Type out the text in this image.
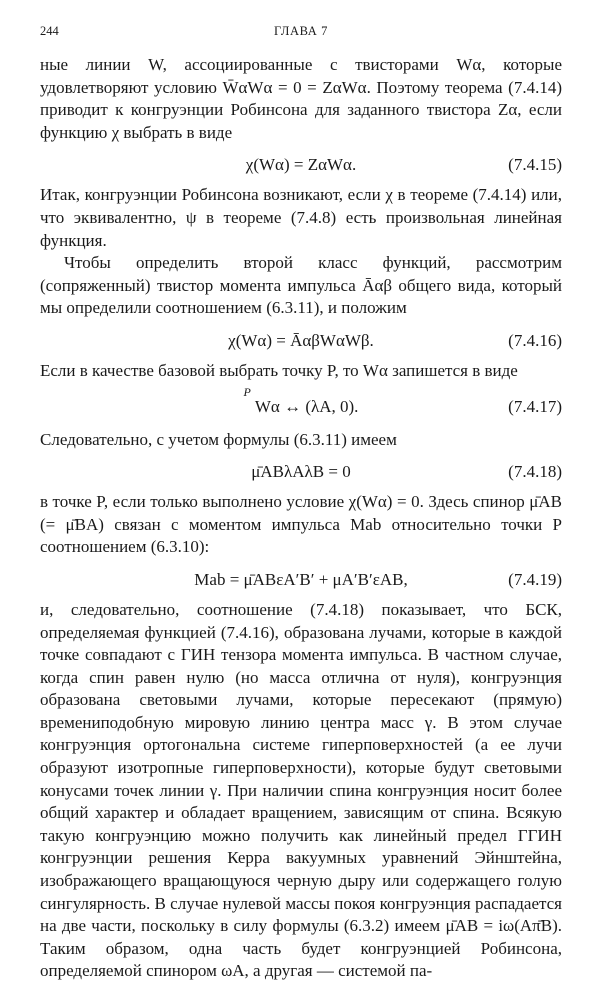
244	ГЛАВА 7

ные линии W, ассоциированные с твисторами Wα, которые удовлетворяют условию W̄αWα = 0 = ZαWα. Поэтому теорема (7.4.14) приводит к конгруэнции Робинсона для заданного твистора Zα, если функцию χ выбрать в виде

χ(Wα) = ZαWα.	(7.4.15)

Итак, конгруэнции Робинсона возникают, если χ в теореме (7.4.14) или, что эквивалентно, ψ в теореме (7.4.8) есть произвольная линейная функция.

Чтобы определить второй класс функций, рассмотрим (сопряженный) твистор момента импульса Āαβ общего вида, который мы определили соотношением (6.3.11), и положим

χ(Wα) = ĀαβWαWβ.	(7.4.16)

Если в качестве базовой выбрать точку P, то Wα запишется в виде

$^P$Wα ↔ (λA, 0).	(7.4.17)

Следовательно, с учетом формулы (6.3.11) имеем

μ̄ABλAλB = 0	(7.4.18)

в точке P, если только выполнено условие χ(Wα) = 0. Здесь спинор μ̄AB (= μ̄BA) связан с моментом импульса Mab относительно точки P соотношением (6.3.10):

Mab = μ̄ABεA′B′ + μA′B′εAB,	(7.4.19)

и, следовательно, соотношение (7.4.18) показывает, что БСК, определяемая функцией (7.4.16), образована лучами, которые в каждой точке совпадают с ГИН тензора момента импульса. В частном случае, когда спин равен нулю (но масса отлична от нуля), конгруэнция образована световыми лучами, которые пересекают (прямую) времениподобную мировую линию центра масс γ. В этом случае конгруэнция ортогональна системе гиперповерхностей (а ее лучи образуют изотропные гиперповерхности), которые будут световыми конусами точек линии γ. При наличии спина конгруэнция носит более общий характер и обладает вращением, зависящим от спина. Всякую такую конгруэнцию можно получить как линейный предел ГГИН конгруэнции решения Керра вакуумных уравнений Эйнштейна, изображающего вращающуюся черную дыру или содержащего голую сингулярность. В случае нулевой массы покоя конгруэнция распадается на две части, поскольку в силу формулы (6.3.2) имеем μ̄AB = iω(Aπ̄B). Таким образом, одна часть будет конгруэнцией Робинсона, определяемой спинором ωA, а другая — системой па-
